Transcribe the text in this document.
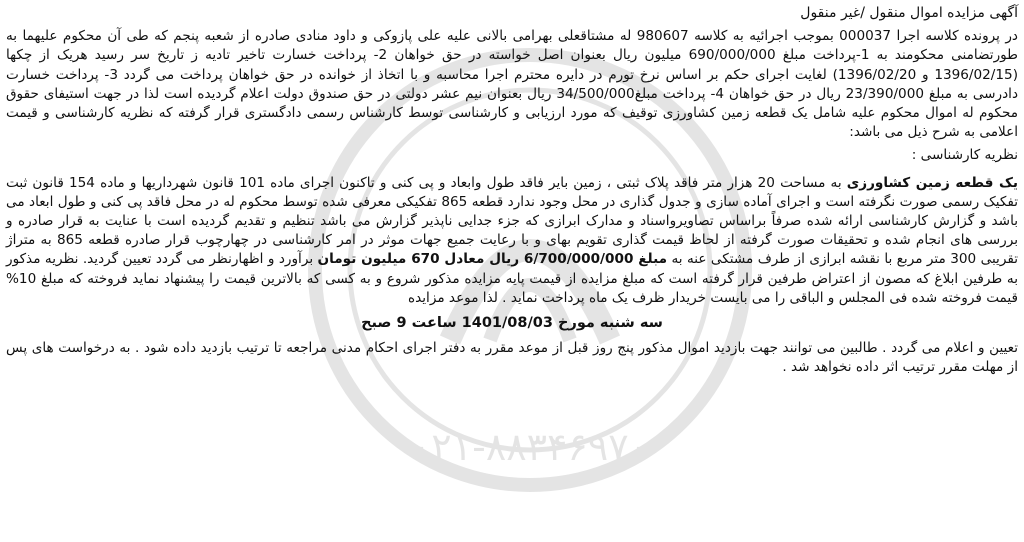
۰۲۱-۸۸۳۴۶۹۷۰

آگهی مزایده اموال منقول /غیر منقول

در پرونده کلاسه اجرا 000037 بموجب اجرائیه به کلاسه 980607 له مشتاقعلی بهرامی بالانی علیه علی پازوکی و داود منادی صادره از شعبه پنجم که طی آن محکوم علیهما به طورتضامنی محکومند به 1-پرداخت مبلغ 690/000/000 میلیون ریال بعنوان اصل خواسته در حق خواهان 2- پرداخت خسارت تاخیر تادیه ز تاریخ سر رسید هریک از چکها (1396/02/15 و 1396/02/20) لغایت اجرای حکم بر اساس نرخ تورم در دایره محترم اجرا محاسبه و با اتخاذ از خوانده در حق خواهان پرداخت می گردد 3- پرداخت خسارت دادرسی به مبلغ 23/390/000 ریال در حق خواهان 4- پرداخت مبلغ34/500/000 ریال بعنوان نیم عشر دولتی در حق صندوق دولت اعلام گردیده است لذا در جهت استیفای حقوق محکوم له اموال محکوم علیه شامل یک قطعه زمین کشاورزی توقیف که مورد ارزیابی و کارشناسی توسط کارشناس رسمی دادگستری قرار گرفته که نظریه کارشناسی و قیمت اعلامی به شرح ذیل می باشد:

نظریه کارشناسی :

یک قطعه زمین کشاورزی به مساحت 20 هزار متر فاقد پلاک ثبتی ، زمین بایر فاقد طول وابعاد و پی کنی و تاکنون اجرای ماده 101 قانون شهرداریها و ماده 154 قانون ثبت تفکیک رسمی صورت نگرفته است و اجرای آماده سازی و جدول گذاری در محل وجود ندارد قطعه 865 تفکیکی معرفی شده توسط محکوم له در محل فاقد پی کنی و طول ابعاد می باشد و گزارش کارشناسی ارائه شده صرفاً براساس تصاویرواسناد و مدارک ابرازی که جزء جدایی ناپذیر گزارش می باشد تنظیم و تقدیم گردیده است با عنایت به قرار صادره و بررسی های انجام شده و تحقیقات صورت گرفته از لحاظ قیمت گذاری تقویم بهای و با رعایت جمیع جهات موثر در امر کارشناسی در چهارچوب قرار صادره قطعه 865 به متراژ تقریبی 300 متر مربع با نقشه ابرازی از طرف مشتکی عنه به مبلغ 6/700/000/000 ریال معادل 670 میلیون تومان برآورد و اظهارنظر می گردد تعیین گردید. نظریه مذکور به طرفین ابلاغ که مصون از اعتراض طرفین قرار گرفته است که مبلغ مزایده از قیمت پایه مزایده مذکور شروع و به کسی که بالاترین قیمت را پیشنهاد نماید فروخته که مبلغ 10% قیمت فروخته شده فی المجلس و الباقی را می بایست خریدار ظرف یک ماه پرداخت نماید . لذا موعد مزایده

سه شنبه مورخ 1401/08/03 ساعت 9 صبح

تعیین و اعلام می گردد . طالبین می توانند جهت بازدید اموال مذکور پنج روز قبل از موعد مقرر به دفتر اجرای احکام مدنی مراجعه تا ترتیب بازدید داده شود . به درخواست های پس از مهلت مقرر ترتیب اثر داده نخواهد شد .
